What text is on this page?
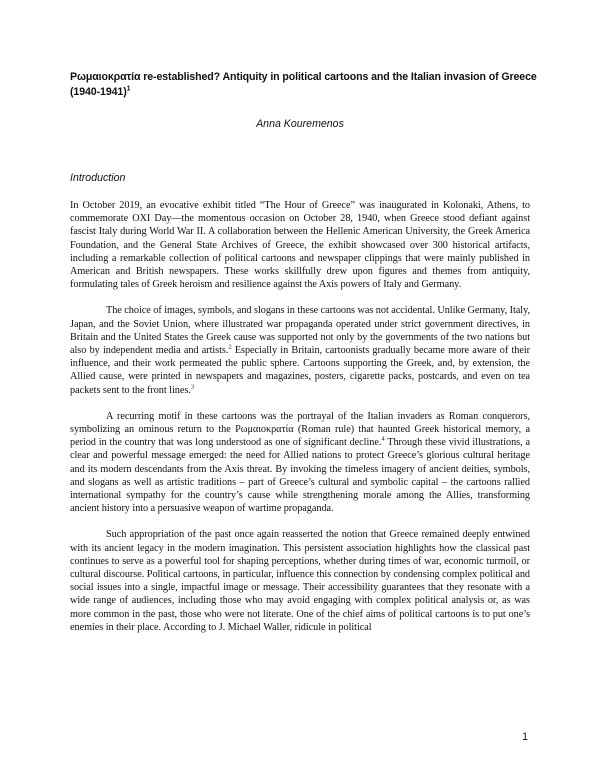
Ρωμαιοκρατία re-established? Antiquity in political cartoons and the Italian invasion of Greece (1940-1941)$^1$
Anna Kouremenos
Introduction

In October 2019, an evocative exhibit titled “The Hour of Greece” was inaugurated in Kolonaki, Athens, to commemorate OXI Day—the momentous occasion on October 28, 1940, when Greece stood defiant against fascist Italy during World War II. A collaboration between the Hellenic American University, the Greek America Foundation, and the General State Archives of Greece, the exhibit showcased over 300 historical artifacts, including a remarkable collection of political cartoons and newspaper clippings that were mainly published in American and British newspapers. These works skillfully drew upon figures and themes from antiquity, formulating tales of Greek heroism and resilience against the Axis powers of Italy and Germany.

The choice of images, symbols, and slogans in these cartoons was not accidental. Unlike Germany, Italy, Japan, and the Soviet Union, where illustrated war propaganda operated under strict government directives, in Britain and the United States the Greek cause was supported not only by the governments of the two nations but also by independent media and artists.$^2$ Especially in Britain, cartoonists gradually became more aware of their influence, and their work permeated the public sphere. Cartoons supporting the Greek, and, by extension, the Allied cause, were printed in newspapers and magazines, posters, cigarette packs, postcards, and even on tea packets sent to the front lines.$^3$

A recurring motif in these cartoons was the portrayal of the Italian invaders as Roman conquerors, symbolizing an ominous return to the Ρωμαιοκρατία (Roman rule) that haunted Greek historical memory, a period in the country that was long understood as one of significant decline.$^4$ Through these vivid illustrations, a clear and powerful message emerged: the need for Allied nations to protect Greece’s glorious cultural heritage and its modern descendants from the Axis threat. By invoking the timeless imagery of ancient deities, symbols, and slogans as well as artistic traditions – part of Greece’s cultural and symbolic capital – the cartoons rallied international sympathy for the country’s cause while strengthening morale among the Allies, transforming ancient history into a persuasive weapon of wartime propaganda.

Such appropriation of the past once again reasserted the notion that Greece remained deeply entwined with its ancient legacy in the modern imagination. This persistent association highlights how the classical past continues to serve as a powerful tool for shaping perceptions, whether during times of war, economic turmoil, or cultural discourse. Political cartoons, in particular, influence this connection by condensing complex political and social issues into a single, impactful image or message. Their accessibility guarantees that they resonate with a wide range of audiences, including those who may avoid engaging with complex political analysis or, as was more common in the past, those who were not literate. One of the chief aims of political cartoons is to put one’s enemies in their place. According to J. Michael Waller, ridicule in political

1
